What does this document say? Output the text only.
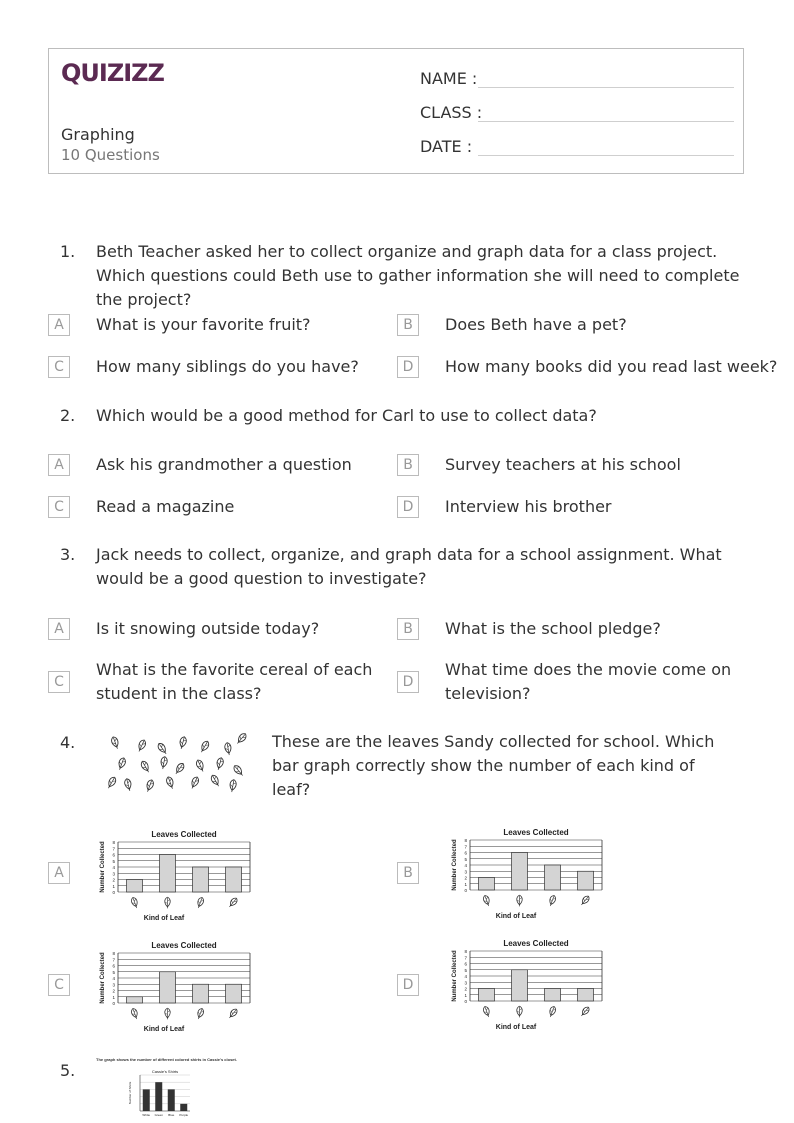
QUIZIZZ
Graphing
10 Questions
NAME :
CLASS :
DATE :
1. Beth Teacher asked her to collect organize and graph data for a class project. Which questions could Beth use to gather information she will need to complete the project?
A	What is your favorite fruit?	B	Does Beth have a pet?
C	How many siblings do you have?	D	How many books did you read last week?
2. Which would be a good method for Carl to use to collect data?
A	Ask his grandmother a question	B	Survey teachers at his school
C	Read a magazine	D	Interview his brother
3. Jack needs to collect, organize, and graph data for a school assignment. What would be a good question to investigate?
A	Is it snowing outside today?	B	What is the school pledge?
C
What is the favorite cereal of each student in the class?
D
What time does the movie come on television?
4.	These are the leaves Sandy collected for school. Which bar graph correctly show the number of each kind of leaf?
A
Leaves Collected
0
1
2
3
4
5
6
7
8
Number Collected
Kind of Leaf
B
Leaves Collected
0
1
2
3
4
5
6
7
8
Number Collected
Kind of Leaf
C
Leaves Collected
0
1
2
3
4
5
6
7
8
Number Collected
Kind of Leaf
D
Leaves Collected
0
1
2
3
4
5
6
7
8
Number Collected
Kind of Leaf
5.
The graph shows the number of different colored shirts in Cassie's closet.
Cassie's Shirts
Number of Shirts
White Green Blue Purple
